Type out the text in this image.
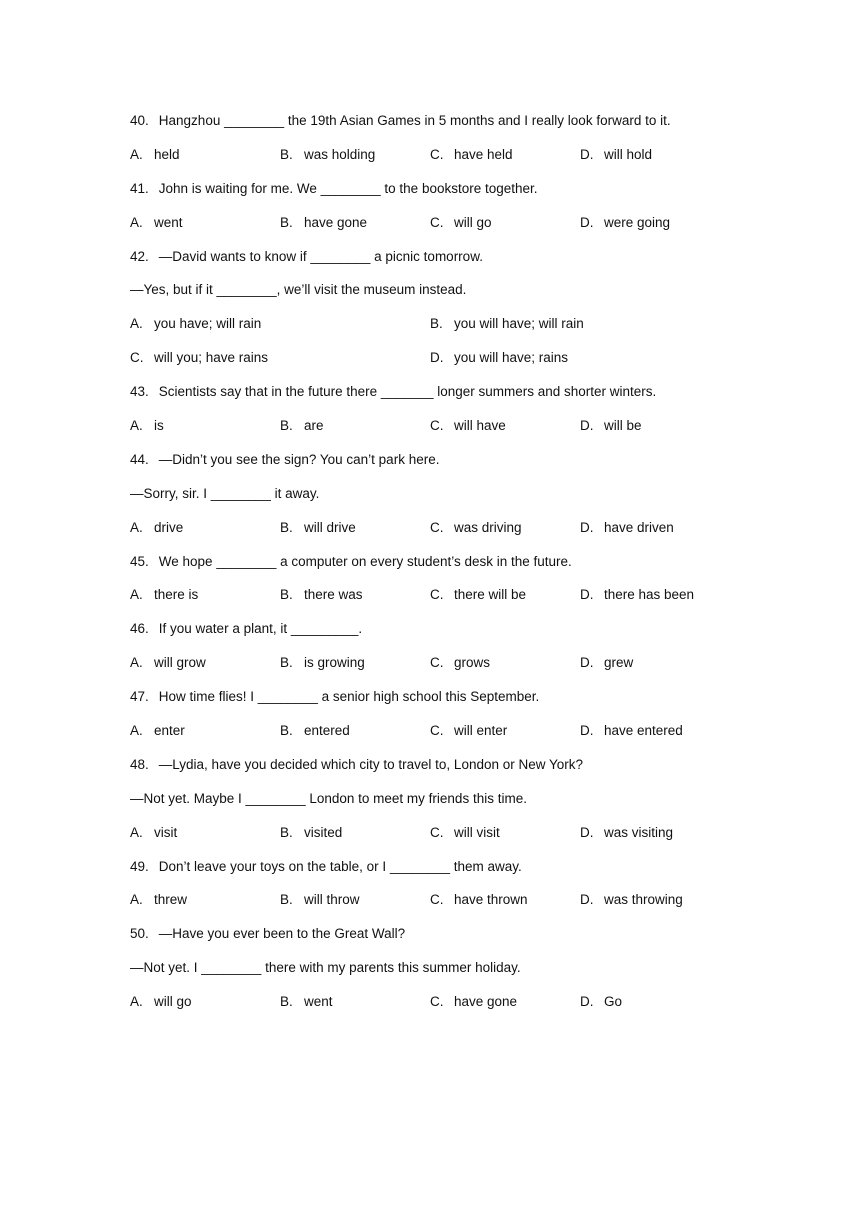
40. Hangzhou ________ the 19th Asian Games in 5 months and I really look forward to it.
A. held	B. was holding	C. have held	D. will hold
41. John is waiting for me. We ________ to the bookstore together.
A. went	B. have gone	C. will go	D. were going
42. —David wants to know if ________ a picnic tomorrow.
—Yes, but if it ________, we’ll visit the museum instead.
A. you have; will rain	B. you will have; will rain
C. will you; have rains	D. you will have; rains
43. Scientists say that in the future there _______ longer summers and shorter winters.
A. is	B. are	C. will have	D. will be
44. —Didn’t you see the sign? You can’t park here.
—Sorry, sir. I ________ it away.
A. drive	B. will drive	C. was driving	D. have driven
45. We hope ________ a computer on every student’s desk in the future.
A. there is	B. there was	C. there will be	D. there has been
46. If you water a plant, it _________.
A. will grow	B. is growing	C. grows	D. grew
47. How time flies! I ________ a senior high school this September.
A. enter	B. entered	C. will enter	D. have entered
48. —Lydia, have you decided which city to travel to, London or New York?
—Not yet. Maybe I ________ London to meet my friends this time.
A. visit	B. visited	C. will visit	D. was visiting
49. Don’t leave your toys on the table, or I ________ them away.
A. threw	B. will throw	C. have thrown	D. was throwing
50. —Have you ever been to the Great Wall?
—Not yet. I ________ there with my parents this summer holiday.
A. will go	B. went	C. have gone	D. Go
